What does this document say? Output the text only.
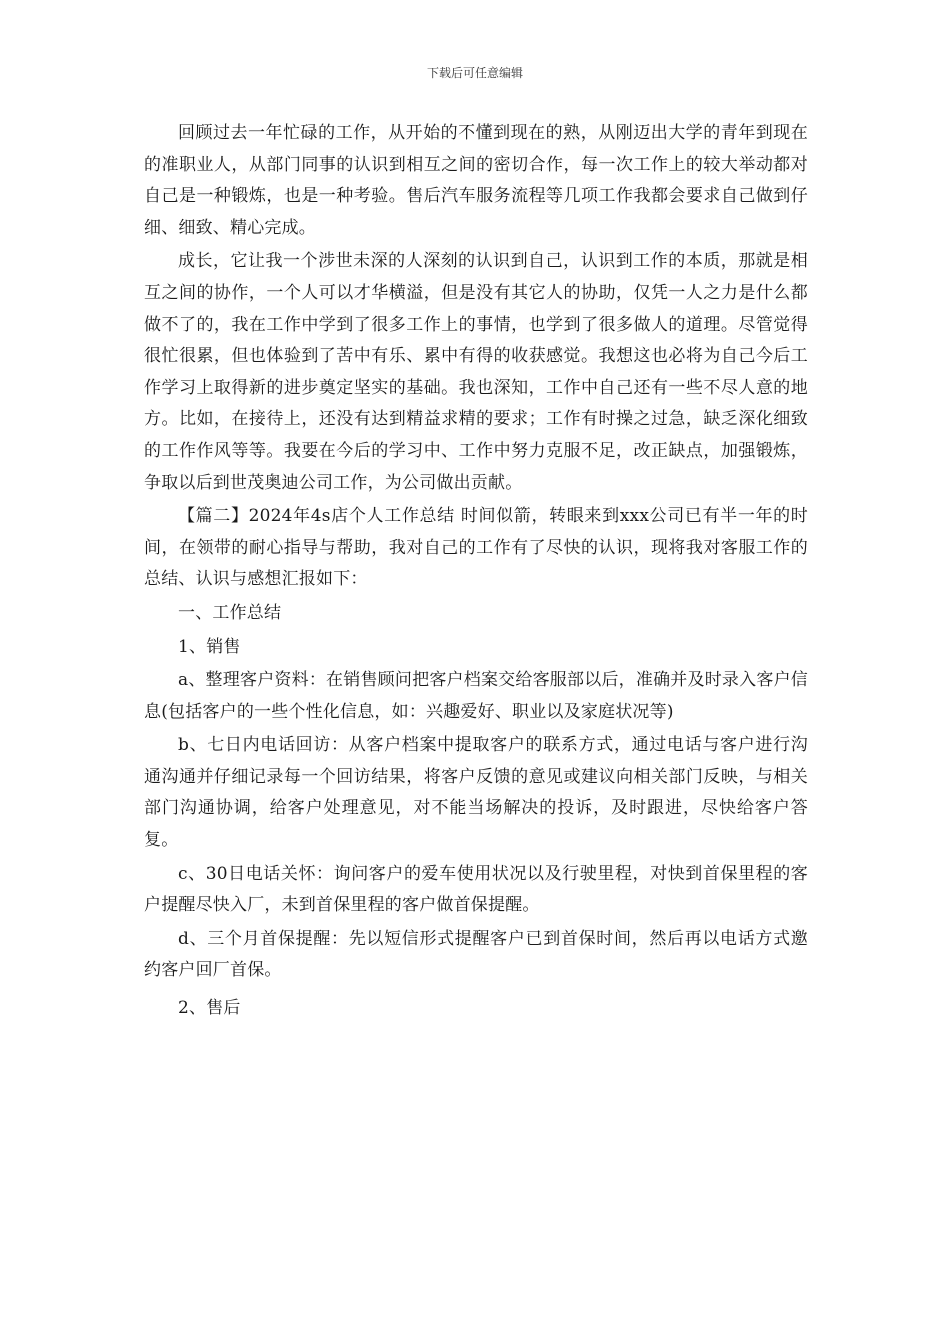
下载后可任意编辑

回顾过去一年忙碌的工作，从开始的不懂到现在的熟，从刚迈出大学的青年到现在的准职业人，从部门同事的认识到相互之间的密切合作，每一次工作上的较大举动都对自己是一种锻炼，也是一种考验。售后汽车服务流程等几项工作我都会要求自己做到仔细、细致、精心完成。

成长，它让我一个涉世未深的人深刻的认识到自己，认识到工作的本质，那就是相互之间的协作，一个人可以才华横溢，但是没有其它人的协助，仅凭一人之力是什么都做不了的，我在工作中学到了很多工作上的事情，也学到了很多做人的道理。尽管觉得很忙很累，但也体验到了苦中有乐、累中有得的收获感觉。我想这也必将为自己今后工作学习上取得新的进步奠定坚实的基础。我也深知，工作中自己还有一些不尽人意的地方。比如，在接待上，还没有达到精益求精的要求；工作有时操之过急，缺乏深化细致的工作作风等等。我要在今后的学习中、工作中努力克服不足，改正缺点，加强锻炼，争取以后到世茂奥迪公司工作，为公司做出贡献。

【篇二】2024年4s店个人工作总结 时间似箭，转眼来到xxx公司已有半一年的时间，在领带的耐心指导与帮助，我对自己的工作有了尽快的认识，现将我对客服工作的总结、认识与感想汇报如下：

一、工作总结

1、销售

a、整理客户资料：在销售顾问把客户档案交给客服部以后，准确并及时录入客户信息(包括客户的一些个性化信息，如：兴趣爱好、职业以及家庭状况等)

b、七日内电话回访：从客户档案中提取客户的联系方式，通过电话与客户进行沟通沟通并仔细记录每一个回访结果，将客户反馈的意见或建议向相关部门反映，与相关部门沟通协调，给客户处理意见，对不能当场解决的投诉，及时跟进，尽快给客户答复。

c、30日电话关怀：询问客户的爱车使用状况以及行驶里程，对快到首保里程的客户提醒尽快入厂，未到首保里程的客户做首保提醒。

d、三个月首保提醒：先以短信形式提醒客户已到首保时间，然后再以电话方式邀约客户回厂首保。

2、售后
